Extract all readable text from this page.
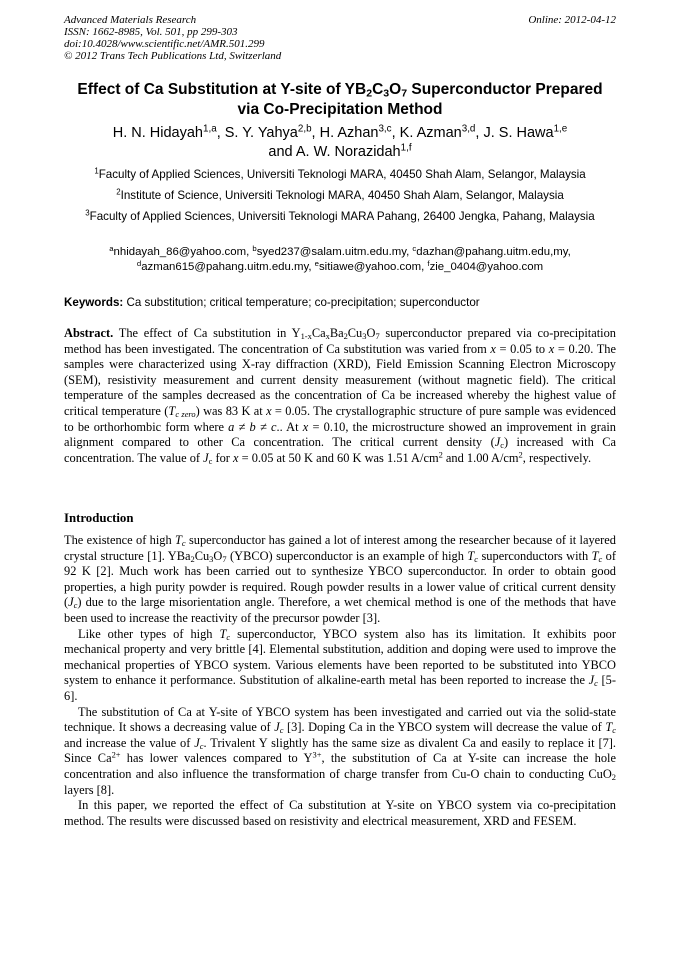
Advanced Materials Research
ISSN: 1662-8985, Vol. 501, pp 299-303
doi:10.4028/www.scientific.net/AMR.501.299
© 2012 Trans Tech Publications Ltd, Switzerland
Online: 2012-04-12
Effect of Ca Substitution at Y-site of $YB_2C_3O_7$ Superconductor Prepared
via Co-Precipitation Method
H. N. Hidayah$^{1,a}$, S. Y. Yahya$^{2,b}$, H. Azhan$^{3,c}$, K. Azman$^{3,d}$, J. S. Hawa$^{1,e}$
and A. W. Norazidah$^{1,f}$
$^1$Faculty of Applied Sciences, Universiti Teknologi MARA, 40450 Shah Alam, Selangor, Malaysia
$^2$Institute of Science, Universiti Teknologi MARA, 40450 Shah Alam, Selangor, Malaysia
$^3$Faculty of Applied Sciences, Universiti Teknologi MARA Pahang, 26400 Jengka, Pahang, Malaysia
$^a$nhidayah_86@yahoo.com, $^b$syed237@salam.uitm.edu.my, $^c$dazhan@pahang.uitm.edu,my,
$^d$azman615@pahang.uitm.edu.my, $^e$sitiawe@yahoo.com, $^f$zie_0404@yahoo.com
Keywords: Ca substitution; critical temperature; co-precipitation; superconductor
Abstract. The effect of Ca substitution in $Y_{1-x}Ca_xBa_2Cu_3O_7$ superconductor prepared via co-precipitation method has been investigated. The concentration of Ca substitution was varied from x = 0.05 to x = 0.20. The samples were characterized using X-ray diffraction (XRD), Field Emission Scanning Electron Microscopy (SEM), resistivity measurement and current density measurement (without magnetic field). The critical temperature of the samples decreased as the concentration of Ca be increased whereby the highest value of critical temperature $(T_{c zero})$ was 83 K at x = 0.05. The crystallographic structure of pure sample was evidenced to be orthorhombic form where a ≠ b ≠ c.. At x = 0.10, the microstructure showed an improvement in grain alignment compared to other Ca concentration. The critical current density $(J_c)$ increased with Ca concentration. The value of $J_c$ for x = 0.05 at 50 K and 60 K was 1.51 $A/cm^2$ and 1.00 $A/cm^2$, respectively.
Introduction

The existence of high $T_c$ superconductor has gained a lot of interest among the researcher because of it layered crystal structure [1]. $YBa_2Cu_3O_7$ (YBCO) superconductor is an example of high $T_c$ superconductors with $T_c$ of 92 K [2]. Much work has been carried out to synthesize YBCO superconductor. In order to obtain good properties, a high purity powder is required. Rough powder results in a lower value of critical current density $(J_c)$ due to the large misorientation angle. Therefore, a wet chemical method is one of the methods that have been used to increase the reactivity of the precursor powder [3].

Like other types of high $T_c$ superconductor, YBCO system also has its limitation. It exhibits poor mechanical property and very brittle [4]. Elemental substitution, addition and doping were used to improve the mechanical properties of YBCO system. Various elements have been reported to be substituted into YBCO system to enhance it performance. Substitution of alkaline-earth metal has been reported to increase the $J_c$ [5-6].

The substitution of Ca at Y-site of YBCO system has been investigated and carried out via the solid-state technique. It shows a decreasing value of $J_c$ [3]. Doping Ca in the YBCO system will decrease the value of $T_c$ and increase the value of $J_c$. Trivalent Y slightly has the same size as divalent Ca and easily to replace it [7]. Since $Ca^{2+}$ has lower valences compared to $Y^{3+}$, the substitution of Ca at Y-site can increase the hole concentration and also influence the transformation of charge transfer from Cu-O chain to conducting CuO$_2$ layers [8].

In this paper, we reported the effect of Ca substitution at Y-site on YBCO system via co-precipitation method. The results were discussed based on resistivity and electrical measurement, XRD and FESEM.
